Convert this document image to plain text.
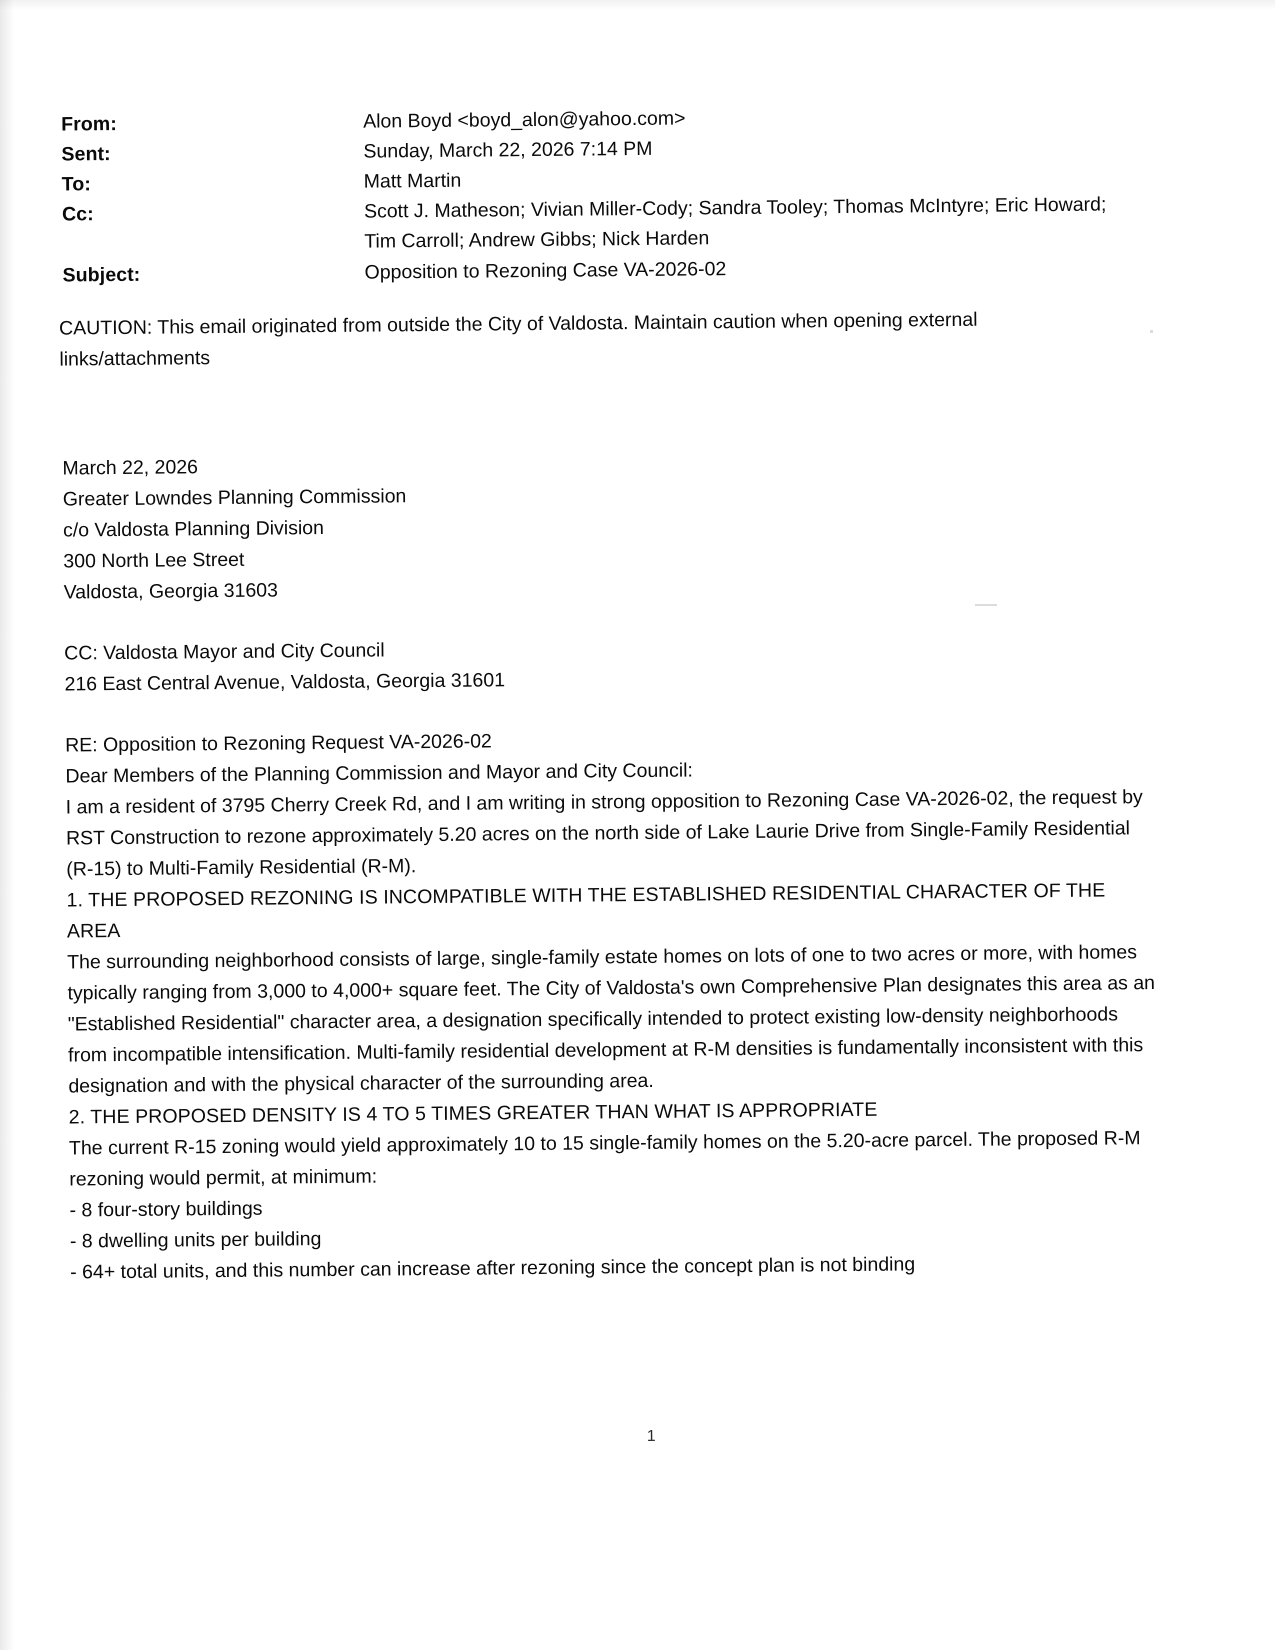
From:	Alon Boyd <boyd_alon@yahoo.com>
Sent:	Sunday, March 22, 2026 7:14 PM
To:	Matt Martin
Cc:	Scott J. Matheson; Vivian Miller-Cody; Sandra Tooley; Thomas McIntyre; Eric Howard;
Tim Carroll; Andrew Gibbs; Nick Harden
Subject:	Opposition to Rezoning Case VA-2026-02
CAUTION: This email originated from outside the City of Valdosta. Maintain caution when opening external links/attachments

March 22, 2026

Greater Lowndes Planning Commission

c/o Valdosta Planning Division

300 North Lee Street

Valdosta, Georgia 31603

CC: Valdosta Mayor and City Council

216 East Central Avenue, Valdosta, Georgia 31601

RE: Opposition to Rezoning Request VA-2026-02

Dear Members of the Planning Commission and Mayor and City Council:

I am a resident of 3795 Cherry Creek Rd, and I am writing in strong opposition to Rezoning Case VA-2026-02, the request by RST Construction to rezone approximately 5.20 acres on the north side of Lake Laurie Drive from Single-Family Residential (R-15) to Multi-Family Residential (R-M).

1. THE PROPOSED REZONING IS INCOMPATIBLE WITH THE ESTABLISHED RESIDENTIAL CHARACTER OF THE AREA

The surrounding neighborhood consists of large, single-family estate homes on lots of one to two acres or more, with homes typically ranging from 3,000 to 4,000+ square feet. The City of Valdosta's own Comprehensive Plan designates this area as an "Established Residential" character area, a designation specifically intended to protect existing low-density neighborhoods from incompatible intensification. Multi-family residential development at R-M densities is fundamentally inconsistent with this designation and with the physical character of the surrounding area.

2. THE PROPOSED DENSITY IS 4 TO 5 TIMES GREATER THAN WHAT IS APPROPRIATE

The current R-15 zoning would yield approximately 10 to 15 single-family homes on the 5.20-acre parcel. The proposed R-M rezoning would permit, at minimum:

- 8 four-story buildings

- 8 dwelling units per building

- 64+ total units, and this number can increase after rezoning since the concept plan is not binding

1
